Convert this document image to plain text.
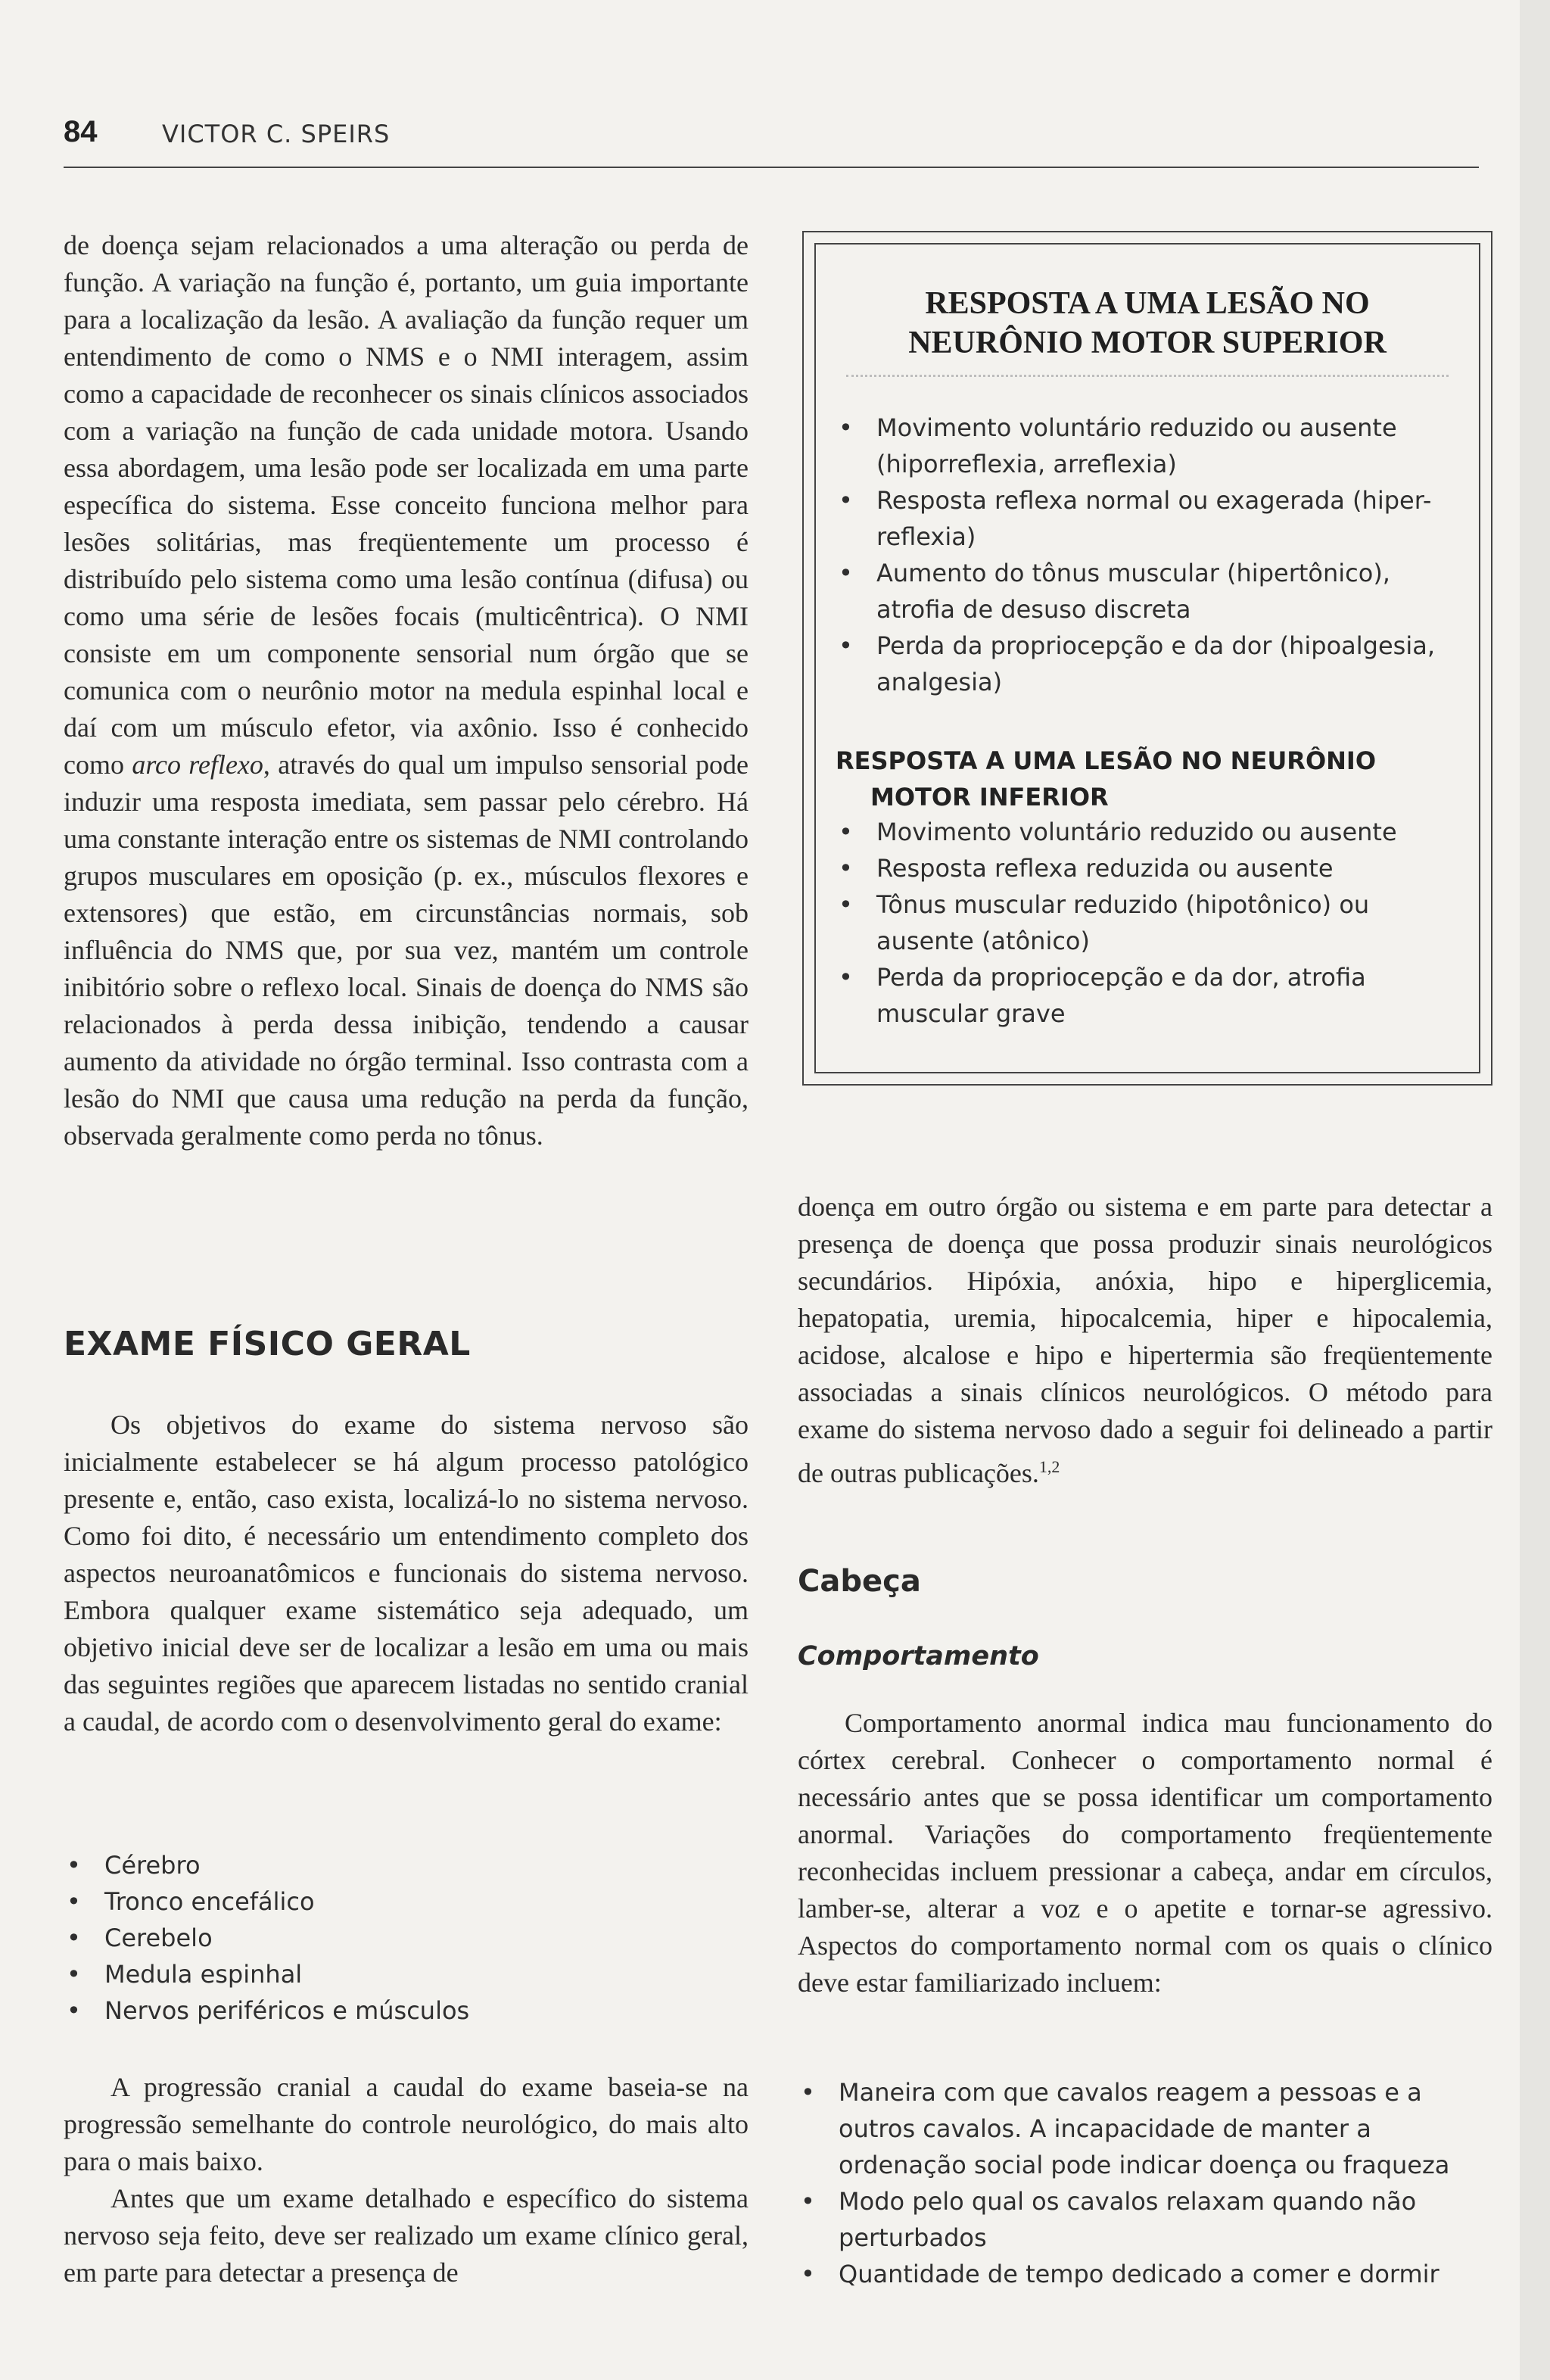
84	VICTOR C. SPEIRS

de doença sejam relacionados a uma alteração ou perda de função. A variação na função é, portanto, um guia importante para a localização da lesão. A avaliação da função requer um entendimento de como o NMS e o NMI interagem, assim como a capacidade de reconhecer os sinais clínicos associados com a variação na função de cada unidade motora. Usando essa abordagem, uma lesão pode ser localizada em uma parte específica do sistema. Esse conceito funciona melhor para lesões solitárias, mas freqüentemente um processo é distribuído pelo sistema como uma lesão contínua (difusa) ou como uma série de lesões focais (multicêntrica). O NMI consiste em um componente sensorial num órgão que se comunica com o neurônio motor na medula espinhal local e daí com um músculo efetor, via axônio. Isso é conhecido como arco reflexo, através do qual um impulso sensorial pode induzir uma resposta imediata, sem passar pelo cérebro. Há uma constante interação entre os sistemas de NMI controlando grupos musculares em oposição (p. ex., músculos flexores e extensores) que estão, em circunstâncias normais, sob influência do NMS que, por sua vez, mantém um controle inibitório sobre o reflexo local. Sinais de doença do NMS são relacionados à perda dessa inibição, tendendo a causar aumento da atividade no órgão terminal. Isso contrasta com a lesão do NMI que causa uma redução na perda da função, observada geralmente como perda no tônus.

EXAME FÍSICO GERAL
Os objetivos do exame do sistema nervoso são inicialmente estabelecer se há algum processo patológico presente e, então, caso exista, localizá-lo no sistema nervoso. Como foi dito, é necessário um entendimento completo dos aspectos neuroanatômicos e funcionais do sistema nervoso. Embora qualquer exame sistemático seja adequado, um objetivo inicial deve ser de localizar a lesão em uma ou mais das seguintes regiões que aparecem listadas no sentido cranial a caudal, de acordo com o desenvolvimento geral do exame:
• Cérebro
• Tronco encefálico
• Cerebelo
• Medula espinhal
• Nervos periféricos e músculos
A progressão cranial a caudal do exame baseia-se na progressão semelhante do controle neurológico, do mais alto para o mais baixo.
Antes que um exame detalhado e específico do sistema nervoso seja feito, deve ser realizado um exame clínico geral, em parte para detectar a presença de
RESPOSTA A UMA LESÃO NO
NEURÔNIO MOTOR SUPERIOR
• Movimento voluntário reduzido ou ausente
(hiporreflexia, arreflexia)
• Resposta reflexa normal ou exagerada (hiper-
reflexia)
• Aumento do tônus muscular (hipertônico),
atrofia de desuso discreta
• Perda da propriocepção e da dor (hipoalgesia,
analgesia)
RESPOSTA A UMA LESÃO NO NEURÔNIO
MOTOR INFERIOR
• Movimento voluntário reduzido ou ausente
• Resposta reflexa reduzida ou ausente
• Tônus muscular reduzido (hipotônico) ou
ausente (atônico)
• Perda da propriocepção e da dor, atrofia
muscular grave

doença em outro órgão ou sistema e em parte para detectar a presença de doença que possa produzir sinais neurológicos secundários. Hipóxia, anóxia, hipo e hiperglicemia, hepatopatia, uremia, hipocalcemia, hiper e hipocalemia, acidose, alcalose e hipo e hipertermia são freqüentemente associadas a sinais clínicos neurológicos. O método para exame do sistema nervoso dado a seguir foi delineado a partir de outras publicações.$^{1,2}$

Cabeça
Comportamento
Comportamento anormal indica mau funcionamento do córtex cerebral. Conhecer o comportamento normal é necessário antes que se possa identificar um comportamento anormal. Variações do comportamento freqüentemente reconhecidas incluem pressionar a cabeça, andar em círculos, lamber-se, alterar a voz e o apetite e tornar-se agressivo. Aspectos do comportamento normal com os quais o clínico deve estar familiarizado incluem:
• Maneira com que cavalos reagem a pessoas e a
outros cavalos. A incapacidade de manter a
ordenação social pode indicar doença ou fraqueza
• Modo pelo qual os cavalos relaxam quando não
perturbados
• Quantidade de tempo dedicado a comer e dormir
